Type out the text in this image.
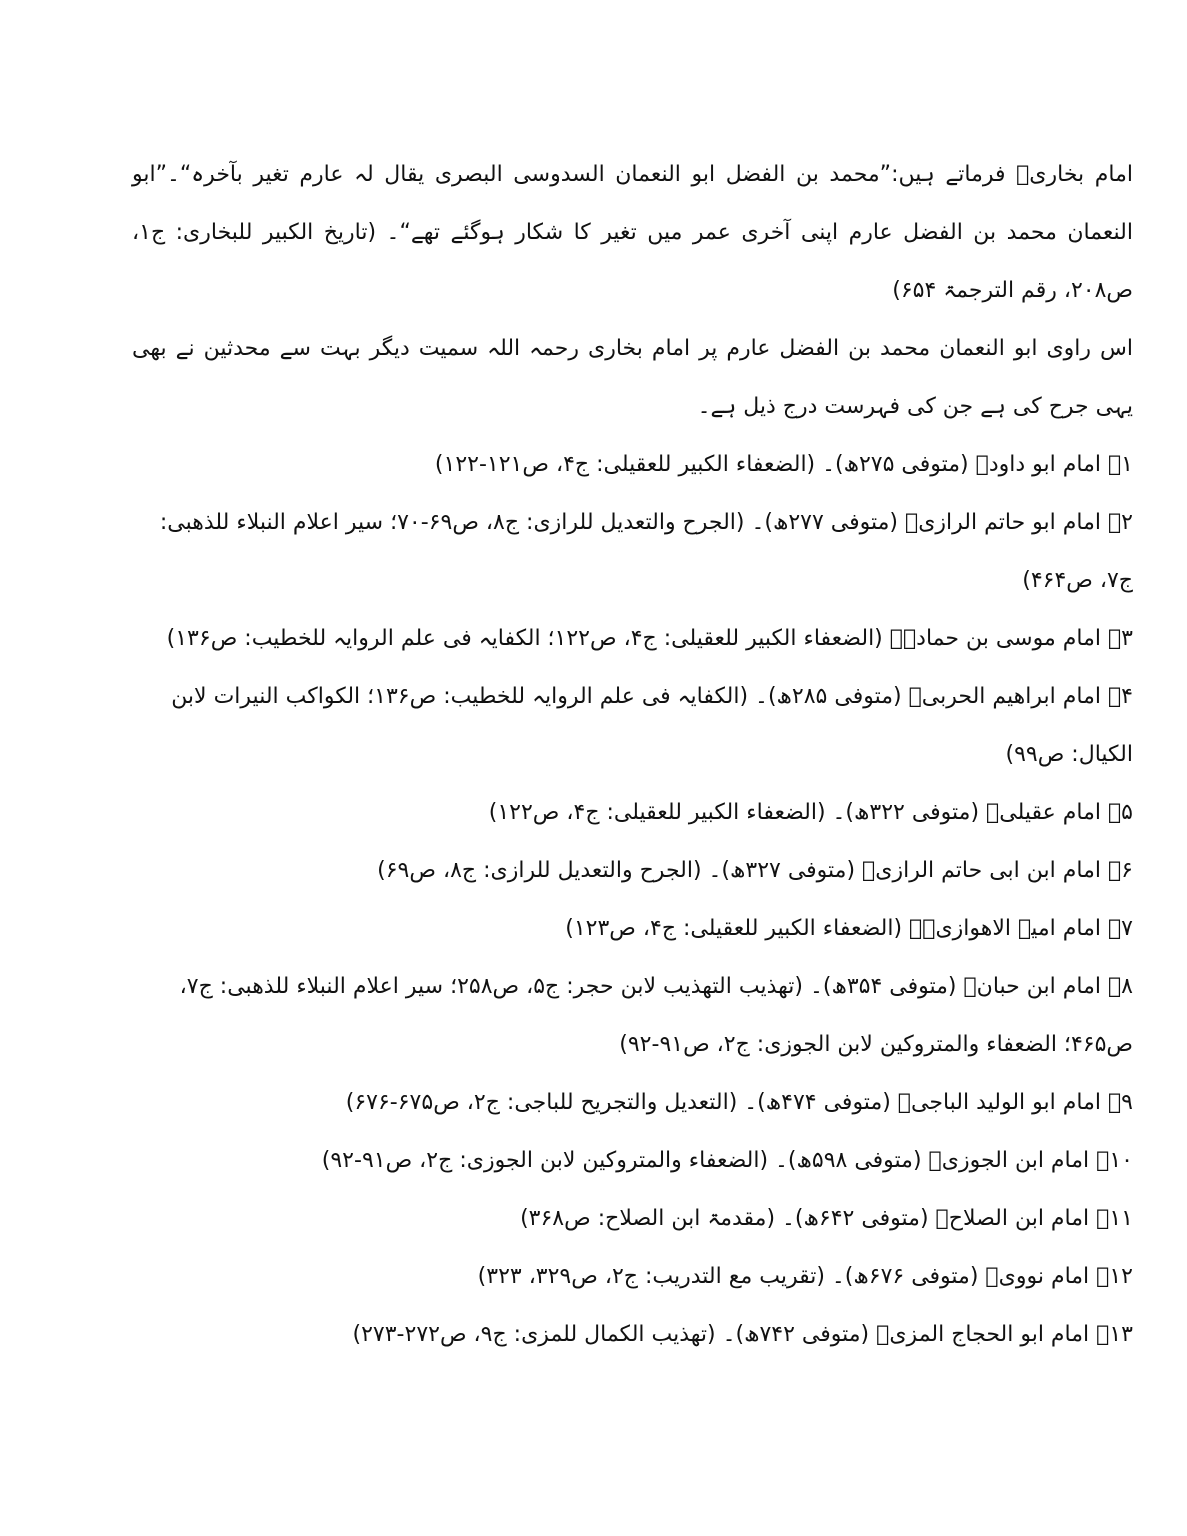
امام بخاریؒ فرماتے ہیں:”محمد بن الفضل ابو النعمان السدوسی البصری یقال لہ عارم تغیر بآخرہ“۔”ابو النعمان محمد بن الفضل عارم اپنی آخری عمر میں تغیر کا شکار ہوگئے تھے“۔ (تاریخ الکبیر للبخاری: ج۱، ص۲۰۸، رقم الترجمۃ ۶۵۴)

اس راوی ابو النعمان محمد بن الفضل عارم پر امام بخاری رحمہ اللہ سمیت دیگر بہت سے محدثین نے بھی یہی جرح کی ہے جن کی فہرست درج ذیل ہے۔

۱۔ امام ابو داودؒ (متوفی ۲۷۵ھ)۔ (الضعفاء الکبیر للعقیلی: ج۴، ص۱۲۱-۱۲۲)

۲۔ امام ابو حاتم الرازیؒ (متوفی ۲۷۷ھ)۔ (الجرح والتعدیل للرازی: ج۸، ص۶۹-۷۰؛ سیر اعلام النبلاء للذھبی: ج۷، ص۴۶۴)

۳۔ امام موسی بن حمادؒ۔ (الضعفاء الکبیر للعقیلی: ج۴، ص۱۲۲؛ الکفایہ فی علم الروایہ للخطیب: ص۱۳۶)

۴۔ امام ابراھیم الحربیؒ (متوفی ۲۸۵ھ)۔ (الکفایہ فی علم الروایہ للخطیب: ص۱۳۶؛ الکواکب النیرات لابن الکیال: ص۹۹)

۵۔ امام عقیلیؒ (متوفی ۳۲۲ھ)۔ (الضعفاء الکبیر للعقیلی: ج۴، ص۱۲۲)

۶۔ امام ابن ابی حاتم الرازیؒ (متوفی ۳۲۷ھ)۔ (الجرح والتعدیل للرازی: ج۸، ص۶۹)

۷۔ امام امیۃ الاھوازیؒ۔ (الضعفاء الکبیر للعقیلی: ج۴، ص۱۲۳)

۸۔ امام ابن حبانؒ (متوفی ۳۵۴ھ)۔ (تھذیب التھذیب لابن حجر: ج۵، ص۲۵۸؛ سیر اعلام النبلاء للذھبی: ج۷، ص۴۶۵؛ الضعفاء والمتروکین لابن الجوزی: ج۲، ص۹۱-۹۲)

۹۔ امام ابو الولید الباجیؒ (متوفی ۴۷۴ھ)۔ (التعدیل والتجریح للباجی: ج۲، ص۶۷۵-۶۷۶)

۱۰۔ امام ابن الجوزیؒ (متوفی ۵۹۸ھ)۔ (الضعفاء والمتروکین لابن الجوزی: ج۲، ص۹۱-۹۲)

۱۱۔ امام ابن الصلاحؒ (متوفی ۶۴۲ھ)۔ (مقدمۃ ابن الصلاح: ص۳۶۸)

۱۲۔ امام نوویؒ (متوفی ۶۷۶ھ)۔ (تقریب مع التدریب: ج۲، ص۳۲۹، ۳۲۳)

۱۳۔ امام ابو الحجاج المزیؒ (متوفی ۷۴۲ھ)۔ (تھذیب الکمال للمزی: ج۹، ص۲۷۲-۲۷۳)
